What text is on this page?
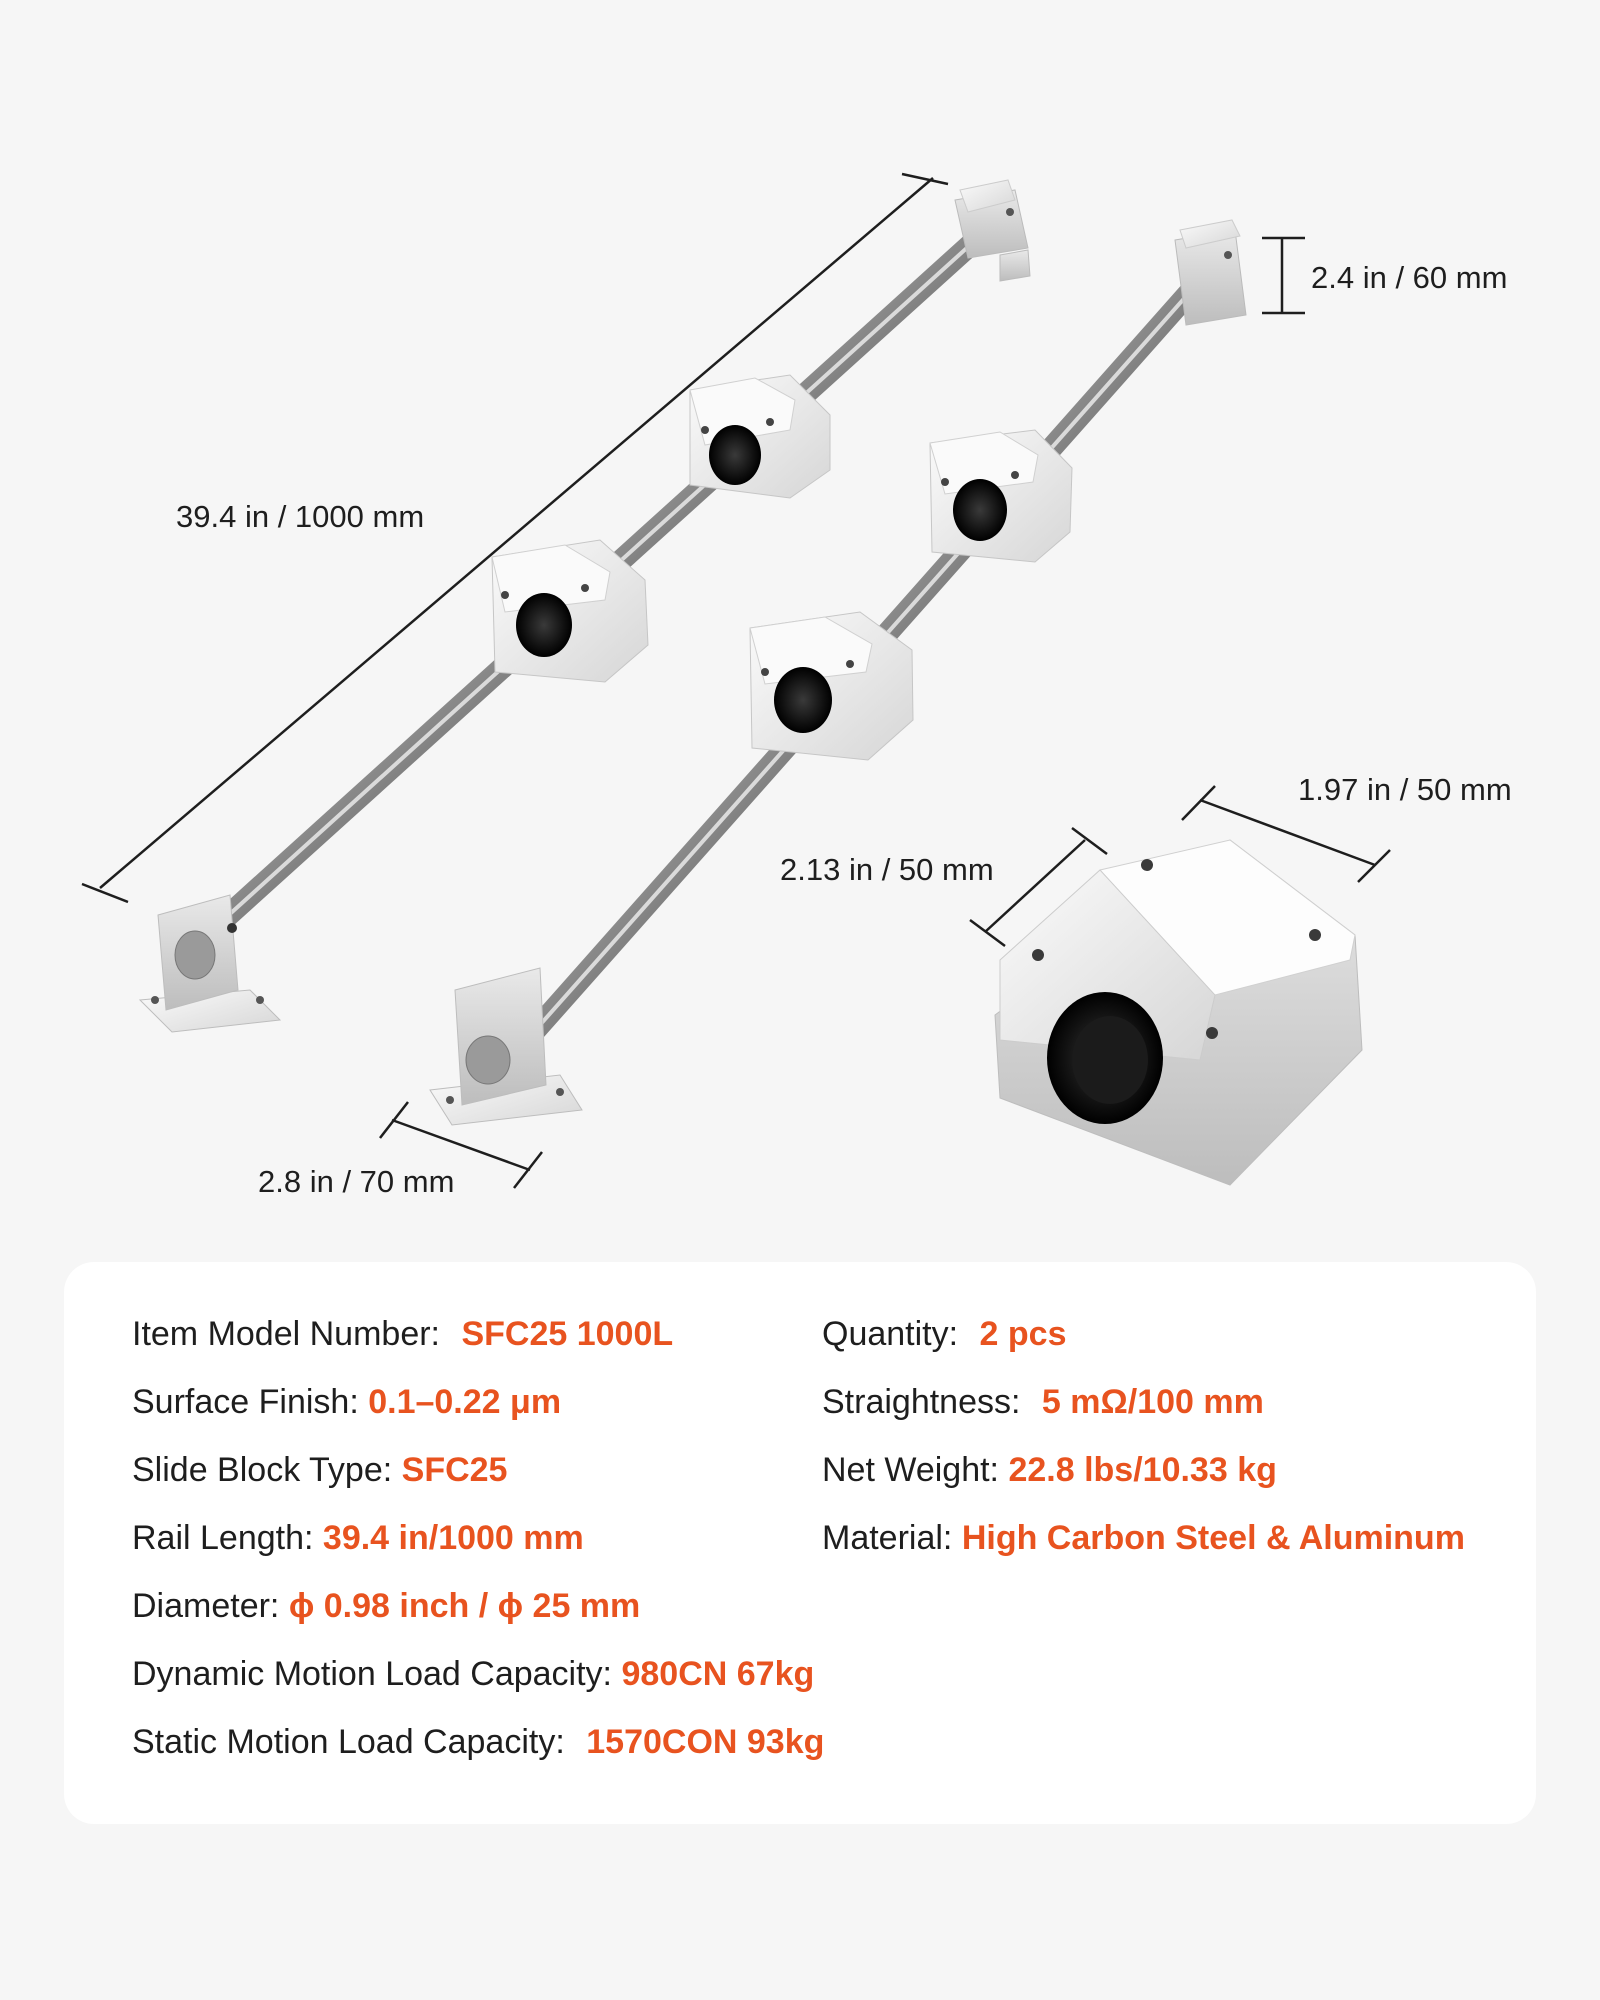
39.4 in / 1000 mm
2.4 in / 60 mm
2.8 in / 70 mm
1.97 in / 50 mm
2.13 in / 50 mm
Item Model Number: SFC25 1000L
Surface Finish: 0.1–0.22 μm
Slide Block Type: SFC25
Rail Length: 39.4 in/1000 mm
Diameter: ϕ 0.98 inch / ϕ 25 mm
Dynamic Motion Load Capacity: 980CN 67kg
Static Motion Load Capacity: 1570CON 93kg
Quantity: 2 pcs
Straightness: 5 mΩ/100 mm
Net Weight: 22.8 lbs/10.33 kg
Material: High Carbon Steel & Aluminum
